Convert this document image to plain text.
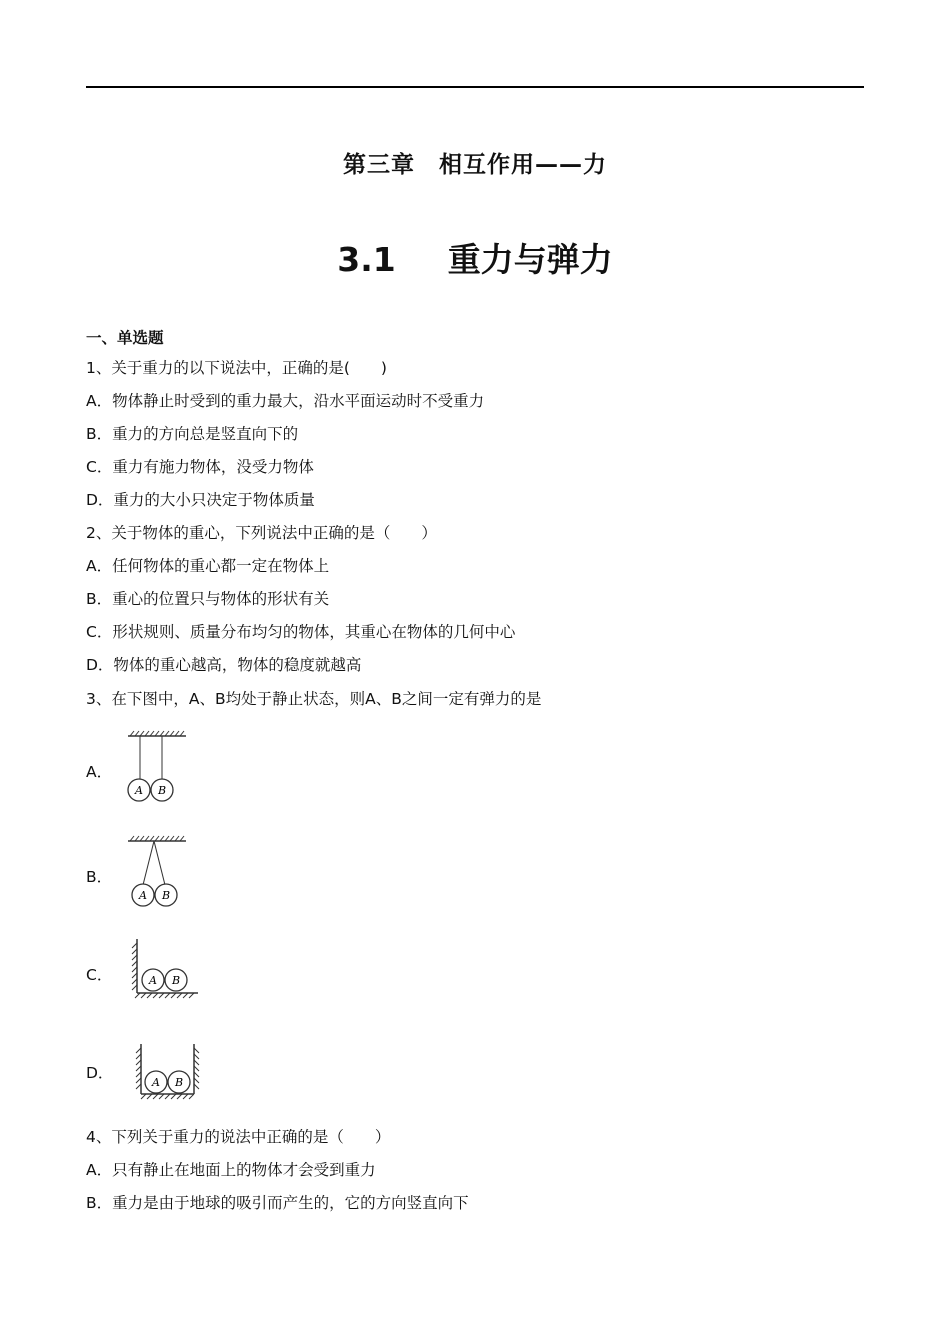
第三章　相互作用——力
3.1 重力与弹力
一、单选题
1、关于重力的以下说法中，正确的是(　　)
A．物体静止时受到的重力最大，沿水平面运动时不受重力
B．重力的方向总是竖直向下的
C．重力有施力物体，没受力物体
D．重力的大小只决定于物体质量
2、关于物体的重心，下列说法中正确的是（　　）
A．任何物体的重心都一定在物体上
B．重心的位置只与物体的形状有关
C．形状规则、质量分布均匀的物体，其重心在物体的几何中心
D．物体的重心越高，物体的稳度就越高
3、在下图中，A、B均处于静止状态，则A、B之间一定有弹力的是
A．
A B
B．
A B
C．	A B
D．
A B
4、下列关于重力的说法中正确的是（　　）
A．只有静止在地面上的物体才会受到重力
B．重力是由于地球的吸引而产生的，它的方向竖直向下
